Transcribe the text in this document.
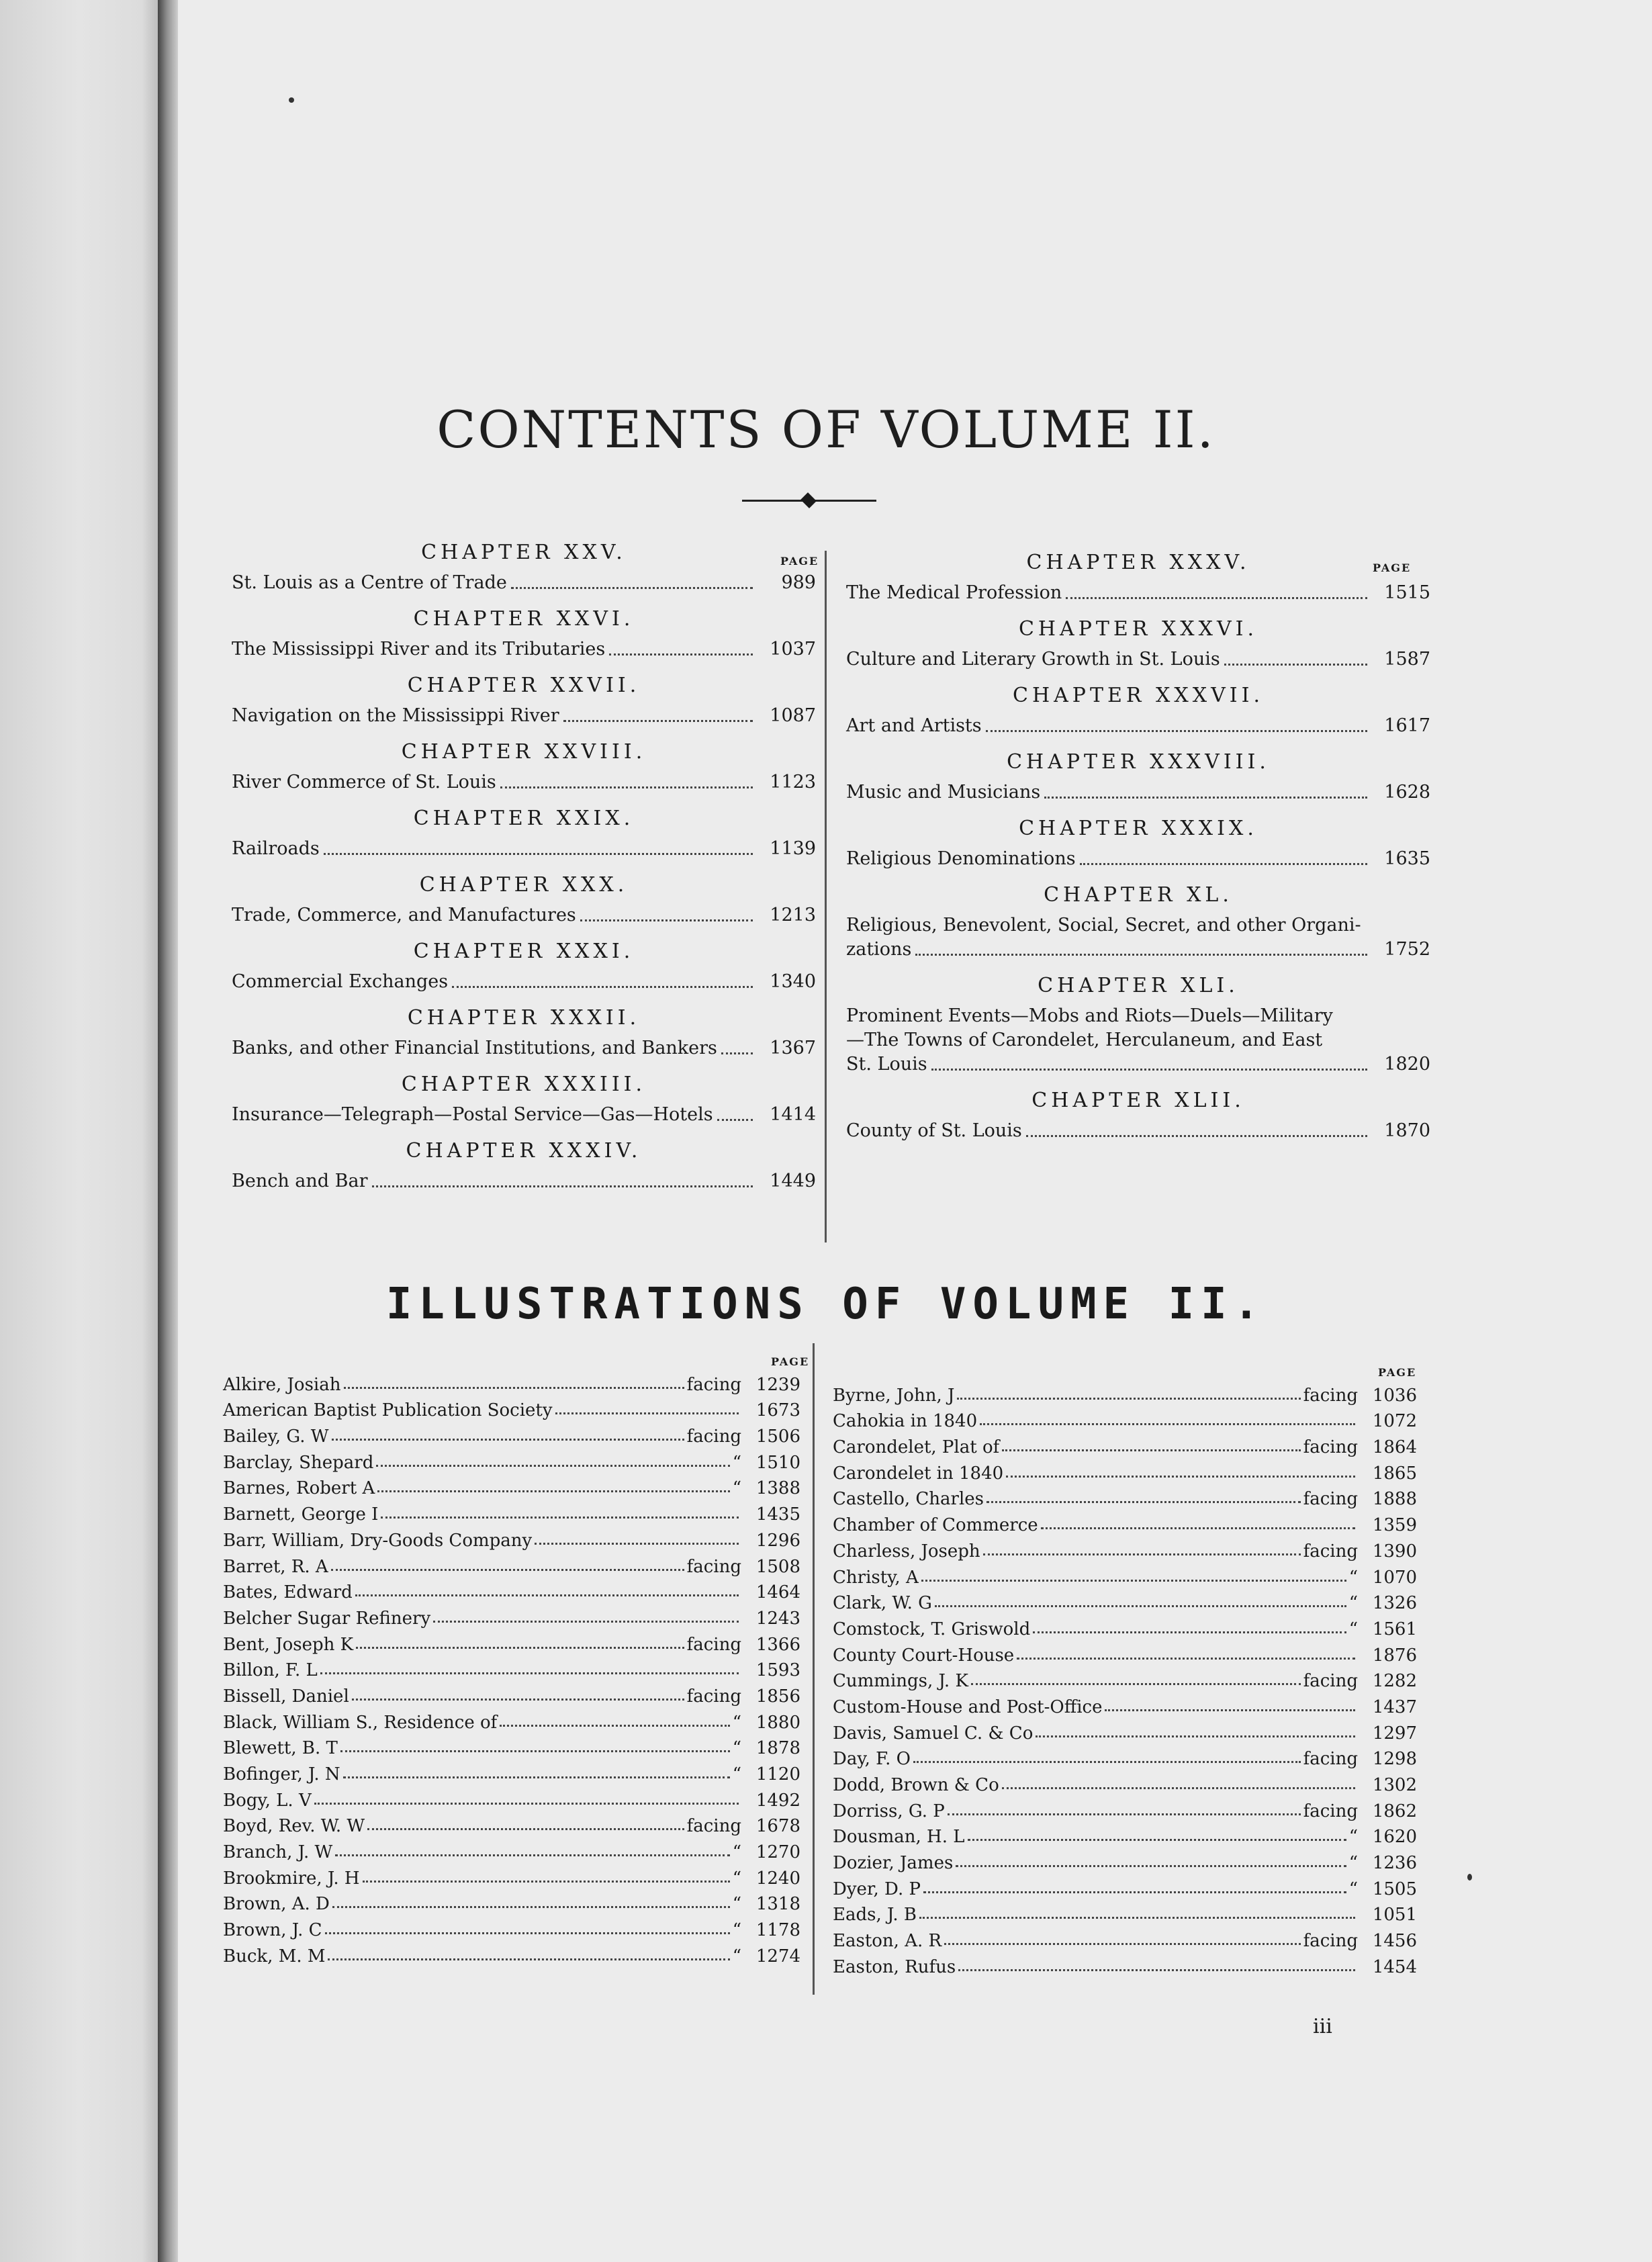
CONTENTS OF VOLUME II.
PAGE
PAGE
CHAPTER XXV.
St. Louis as a Centre of Trade	989
CHAPTER XXVI.
The Mississippi River and its Tributaries	1037
CHAPTER XXVII.
Navigation on the Mississippi River	1087
CHAPTER XXVIII.
River Commerce of St. Louis	1123
CHAPTER XXIX.
Railroads	1139
CHAPTER XXX.
Trade, Commerce, and Manufactures	1213
CHAPTER XXXI.
Commercial Exchanges	1340
CHAPTER XXXII.
Banks, and other Financial Institutions, and Bankers	1367
CHAPTER XXXIII.
Insurance—Telegraph—Postal Service—Gas—Hotels	1414
CHAPTER XXXIV.
Bench and Bar	1449
CHAPTER XXXV.
The Medical Profession	1515
CHAPTER XXXVI.
Culture and Literary Growth in St. Louis	1587
CHAPTER XXXVII.
Art and Artists	1617
CHAPTER XXXVIII.
Music and Musicians	1628
CHAPTER XXXIX.
Religious Denominations	1635
CHAPTER XL.
Religious, Benevolent, Social, Secret, and other Organi-
zations	1752
CHAPTER XLI.
Prominent Events—Mobs and Riots—Duels—Military
—The Towns of Carondelet, Herculaneum, and East
St. Louis	1820
CHAPTER XLII.
County of St. Louis	1870
ILLUSTRATIONS OF VOLUME II.
PAGE
PAGE
Alkire, Josiah	facing 1239
American Baptist Publication Society	1673
Bailey, G. W	facing 1506
Barclay, Shepard	“ 1510
Barnes, Robert A	“ 1388
Barnett, George I	1435
Barr, William, Dry-Goods Company	1296
Barret, R. A	facing 1508
Bates, Edward	1464
Belcher Sugar Refinery	1243
Bent, Joseph K	facing 1366
Billon, F. L	1593
Bissell, Daniel	facing 1856
Black, William S., Residence of	“ 1880
Blewett, B. T	“ 1878
Bofinger, J. N	“ 1120
Bogy, L. V	1492
Boyd, Rev. W. W	facing 1678
Branch, J. W	“ 1270
Brookmire, J. H	“ 1240
Brown, A. D	“ 1318
Brown, J. C	“ 1178
Buck, M. M	“ 1274
Byrne, John, J	facing 1036
Cahokia in 1840	1072
Carondelet, Plat of	facing 1864
Carondelet in 1840	1865
Castello, Charles	facing 1888
Chamber of Commerce	1359
Charless, Joseph	facing 1390
Christy, A	“ 1070
Clark, W. G	“ 1326
Comstock, T. Griswold	“ 1561
County Court-House	1876
Cummings, J. K	facing 1282
Custom-House and Post-Office	1437
Davis, Samuel C. & Co	1297
Day, F. O	facing 1298
Dodd, Brown & Co	1302
Dorriss, G. P	facing 1862
Dousman, H. L	“ 1620
Dozier, James	“ 1236
Dyer, D. P	“ 1505
Eads, J. B	1051
Easton, A. R	facing 1456
Easton, Rufus	1454
iii
